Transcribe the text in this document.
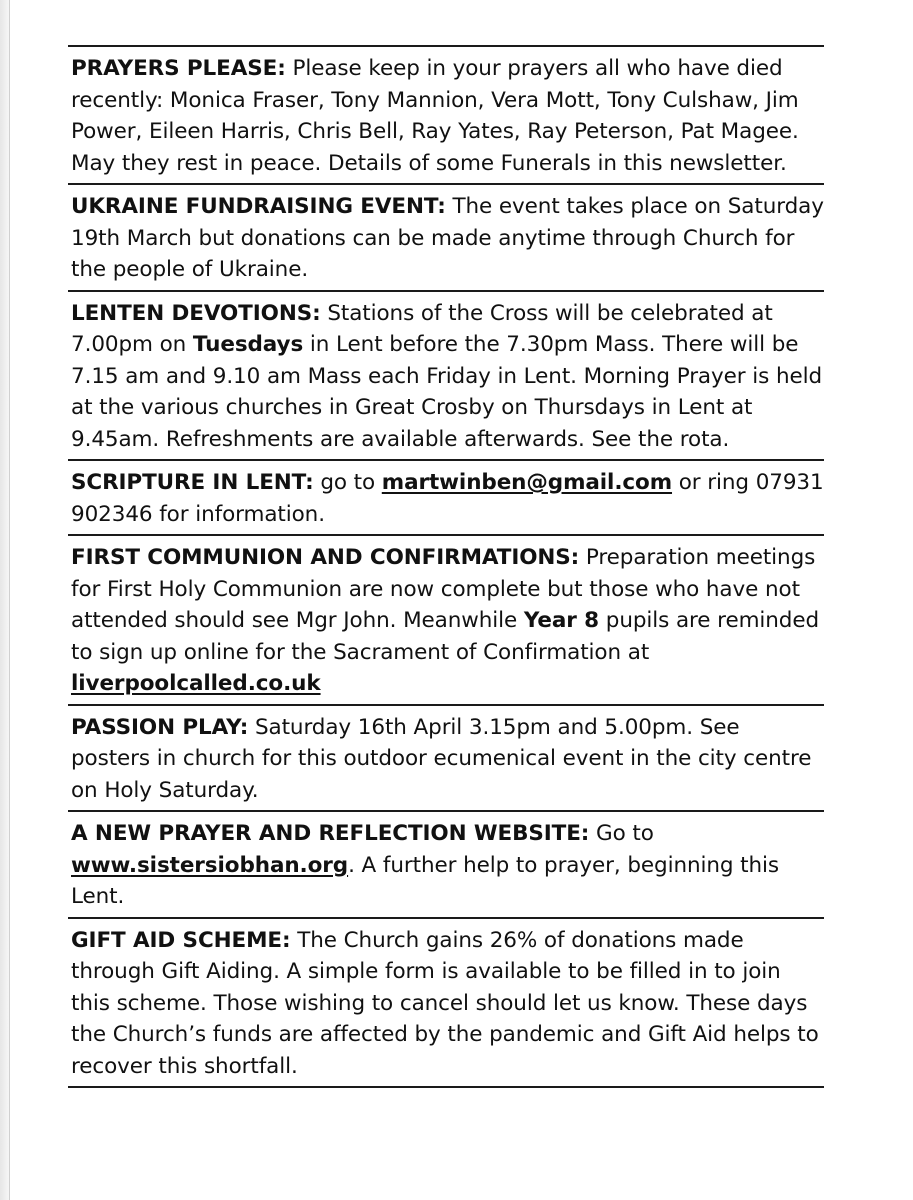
PRAYERS PLEASE: Please keep in your prayers all who have died recently: Monica Fraser, Tony Mannion, Vera Mott, Tony Culshaw, Jim Power, Eileen Harris, Chris Bell, Ray Yates, Ray Peterson, Pat Magee. May they rest in peace. Details of some Funerals in this newsletter.
UKRAINE FUNDRAISING EVENT: The event takes place on Saturday 19th March but donations can be made anytime through Church for the people of Ukraine.
LENTEN DEVOTIONS: Stations of the Cross will be celebrated at 7.00pm on Tuesdays in Lent before the 7.30pm Mass. There will be 7.15 am and 9.10 am Mass each Friday in Lent. Morning Prayer is held at the various churches in Great Crosby on Thursdays in Lent at 9.45am. Refreshments are available afterwards. See the rota.
SCRIPTURE IN LENT: go to martwinben@gmail.com or ring 07931 902346 for information.
FIRST COMMUNION AND CONFIRMATIONS: Preparation meetings for First Holy Communion are now complete but those who have not attended should see Mgr John. Meanwhile Year 8 pupils are reminded to sign up online for the Sacrament of Confirmation at liverpoolcalled.co.uk
PASSION PLAY: Saturday 16th April 3.15pm and 5.00pm. See posters in church for this outdoor ecumenical event in the city centre on Holy Saturday.
A NEW PRAYER AND REFLECTION WEBSITE: Go to www.sistersiobhan.org. A further help to prayer, beginning this Lent.
GIFT AID SCHEME: The Church gains 26% of donations made through Gift Aiding. A simple form is available to be filled in to join this scheme. Those wishing to cancel should let us know. These days the Church’s funds are affected by the pandemic and Gift Aid helps to recover this shortfall.
